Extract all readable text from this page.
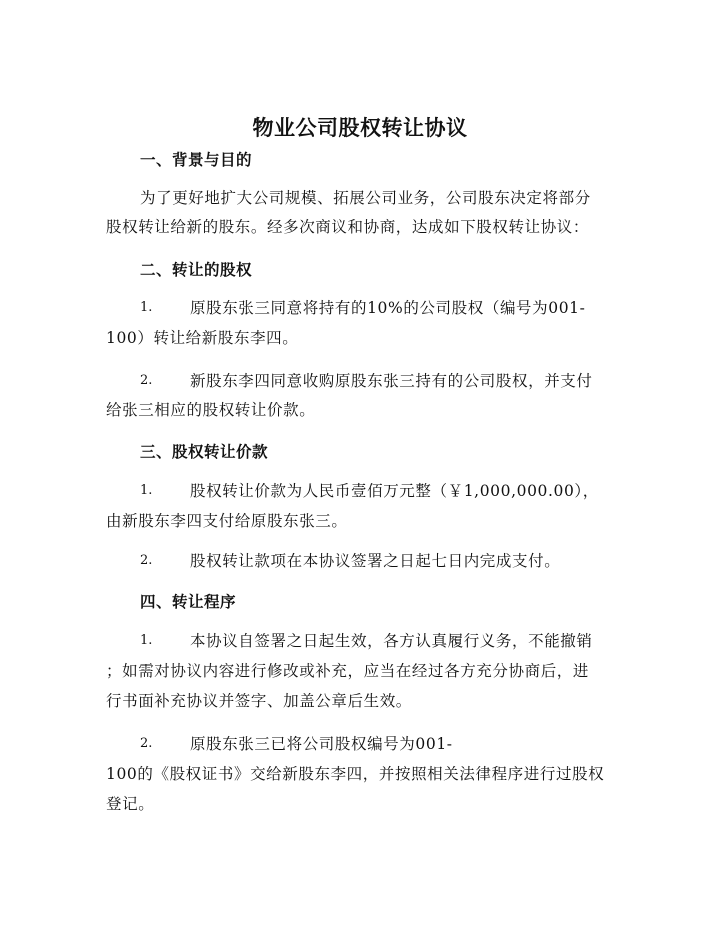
物业公司股权转让协议
一、背景与目的
为了更好地扩大公司规模、拓展公司业务，公司股东决定将部分
股权转让给新的股东。经多次商议和协商，达成如下股权转让协议：
二、转让的股权
1. 原股东张三同意将持有的10%的公司股权（编号为001-
100）转让给新股东李四。
2. 新股东李四同意收购原股东张三持有的公司股权，并支付
给张三相应的股权转让价款。
三、股权转让价款
1. 股权转让价款为人民币壹佰万元整（￥1,000,000.00），
由新股东李四支付给原股东张三。
2. 股权转让款项在本协议签署之日起七日内完成支付。
四、转让程序
1. 本协议自签署之日起生效，各方认真履行义务，不能撤销
；如需对协议内容进行修改或补充，应当在经过各方充分协商后，进
行书面补充协议并签字、加盖公章后生效。
2. 原股东张三已将公司股权编号为001-
100的《股权证书》交给新股东李四，并按照相关法律程序进行过股权
登记。
